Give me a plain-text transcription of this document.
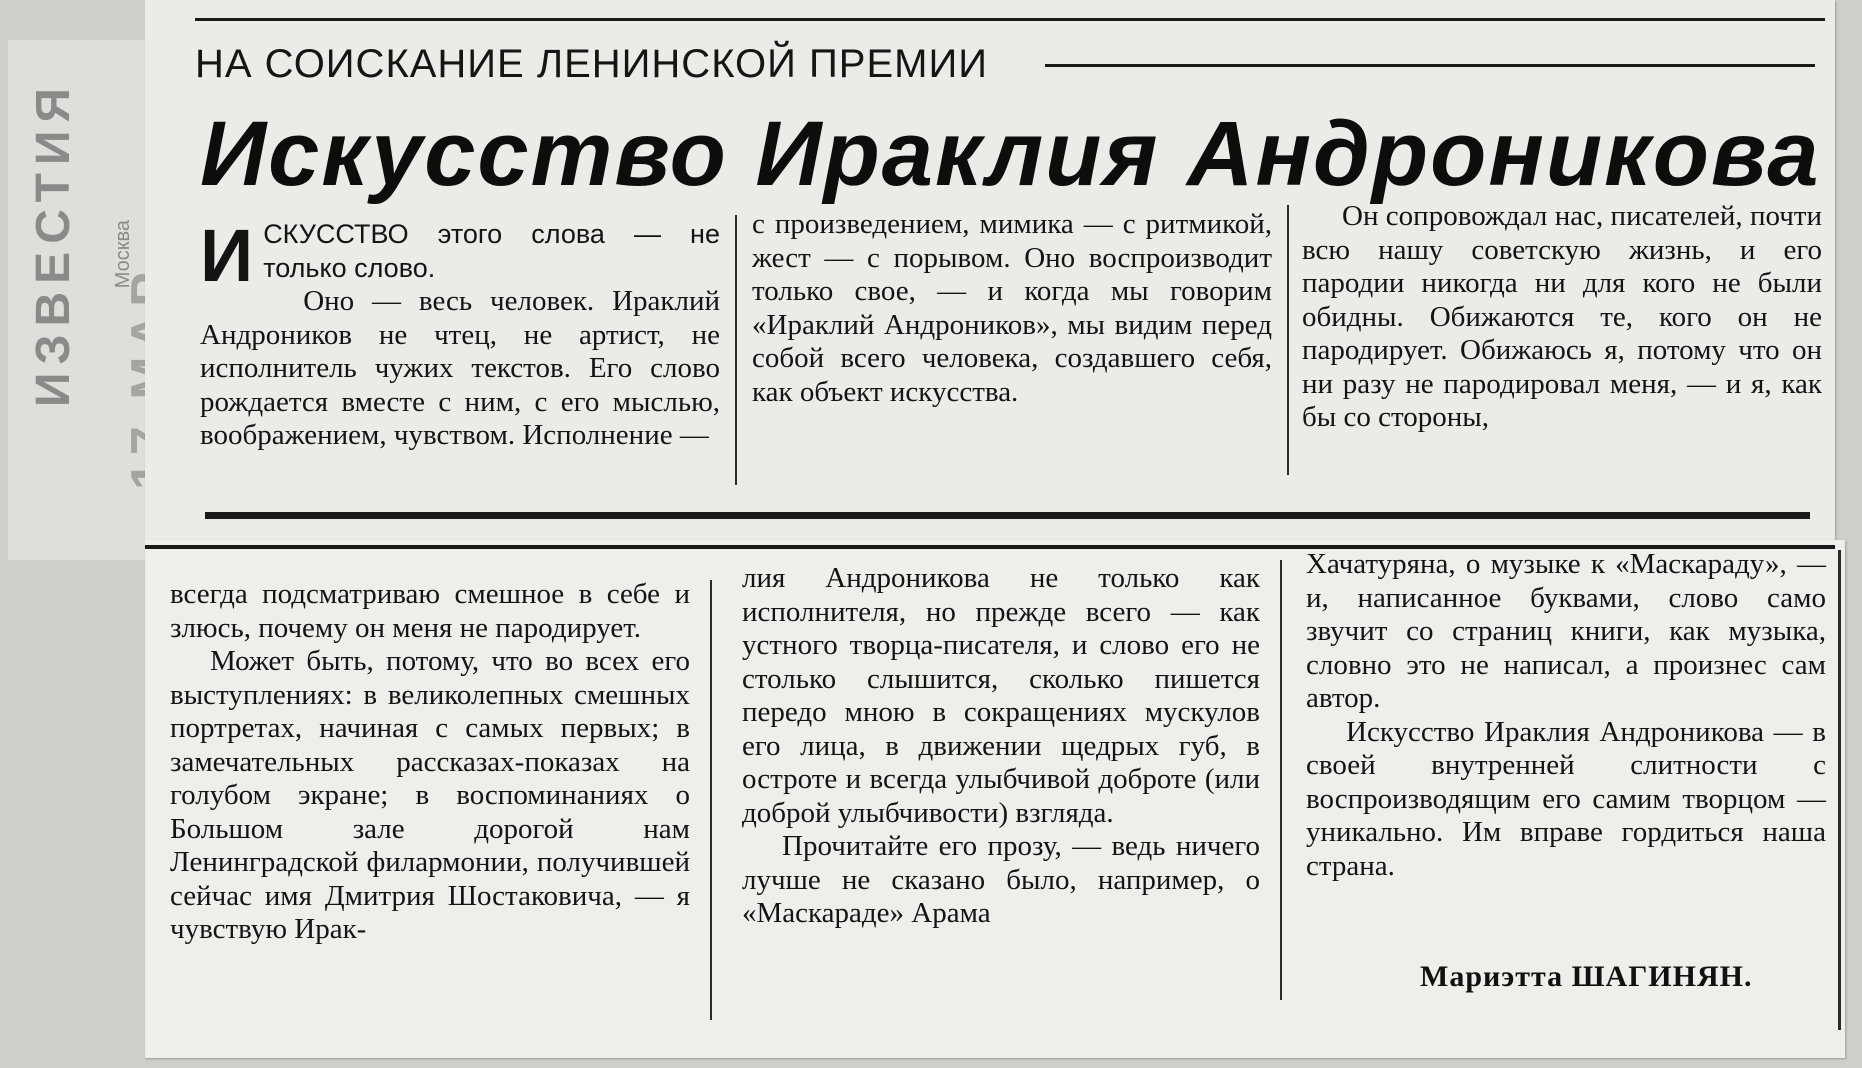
ИЗВЕСТИЯ Москва
НА СОИСКАНИЕ ЛЕНИНСКОЙ ПРЕМИИ
Искусство Ираклия Андроникова
И СКУССТВО этого слова — не только слово.

Оно — весь человек. Ираклий Андроников не чтец, не артист, не исполнитель чужих текстов. Его слово рождается вместе с ним, с его мыслью, воображением, чувством. Исполнение —

с произведением, мимика — с ритмикой, жест — с порывом. Оно воспроизводит только свое, — и когда мы говорим «Ираклий Андроников», мы видим перед собой всего человека, создавшего себя, как объект искусства.

Он сопровождал нас, писателей, почти всю нашу советскую жизнь, и его пародии никогда ни для кого не были обидны. Обижаются те, кого он не пародирует. Обижаюсь я, потому что он ни разу не пародировал меня, — и я, как бы со стороны,

всегда подсматриваю смешное в себе и злюсь, почему он меня не пародирует.

Может быть, потому, что во всех его выступлениях: в великолепных смешных портретах, начиная с самых первых; в замечательных рассказах-показах на голубом экране; в воспоминаниях о Большом зале дорогой нам Ленинградской филармонии, получившей сейчас имя Дмитрия Шостаковича, — я чувствую Ирак-

лия Андроникова не только как исполнителя, но прежде всего — как устного творца-писателя, и слово его не столько слышится, сколько пишется передо мною в сокращениях мускулов его лица, в движении щедрых губ, в остроте и всегда улыбчивой доброте (или доброй улыбчивости) взгляда.

Прочитайте его прозу, — ведь ничего лучше не сказано было, например, о «Маскараде» Арама

Хачатуряна, о музыке к «Маскараду», — и, написанное буквами, слово само звучит со страниц книги, как музыка, словно это не написал, а произнес сам автор.

Искусство Ираклия Андроникова — в своей внутренней слитности с воспроизводящим его самим творцом — уникально. Им вправе гордиться наша страна.

Мариэтта ШАГИНЯН.
